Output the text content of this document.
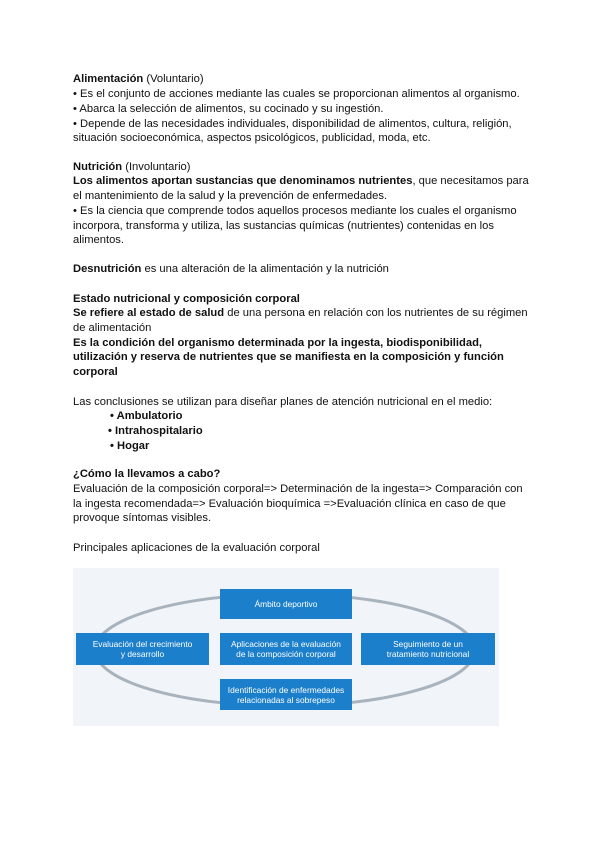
Alimentación (Voluntario)
• Es el conjunto de acciones mediante las cuales se proporcionan alimentos al organismo.
• Abarca la selección de alimentos, su cocinado y su ingestión.
• Depende de las necesidades individuales, disponibilidad de alimentos, cultura, religión,
situación socioeconómica, aspectos psicológicos, publicidad, moda, etc.
Nutrición (Involuntario)
Los alimentos aportan sustancias que denominamos nutrientes, que necesitamos para
el mantenimiento de la salud y la prevención de enfermedades.
• Es la ciencia que comprende todos aquellos procesos mediante los cuales el organismo
incorpora, transforma y utiliza, las sustancias químicas (nutrientes) contenidas en los
alimentos.
Desnutrición es una alteración de la alimentación y la nutrición
Estado nutricional y composición corporal
Se refiere al estado de salud de una persona en relación con los nutrientes de su régimen
de alimentación
Es la condición del organismo determinada por la ingesta, biodisponibilidad,
utilización y reserva de nutrientes que se manifiesta en la composición y función
corporal
Las conclusiones se utilizan para diseñar planes de atención nutricional en el medio:
• Ambulatorio
• Intrahospitalario
• Hogar
¿Cómo la llevamos a cabo?
Evaluación de la composición corporal=> Determinación de la ingesta=> Comparación con
la ingesta recomendada=> Evaluación bioquímica =>Evaluación clínica en caso de que
provoque síntomas visibles.
Principales aplicaciones de la evaluación corporal
Ámbito deportivo
Evaluación del crecimiento
y desarrollo
Aplicaciones de la evaluación
de la composición corporal
Seguimiento de un
tratamiento nutricional
Identificación de enfermedades
relacionadas al sobrepeso
